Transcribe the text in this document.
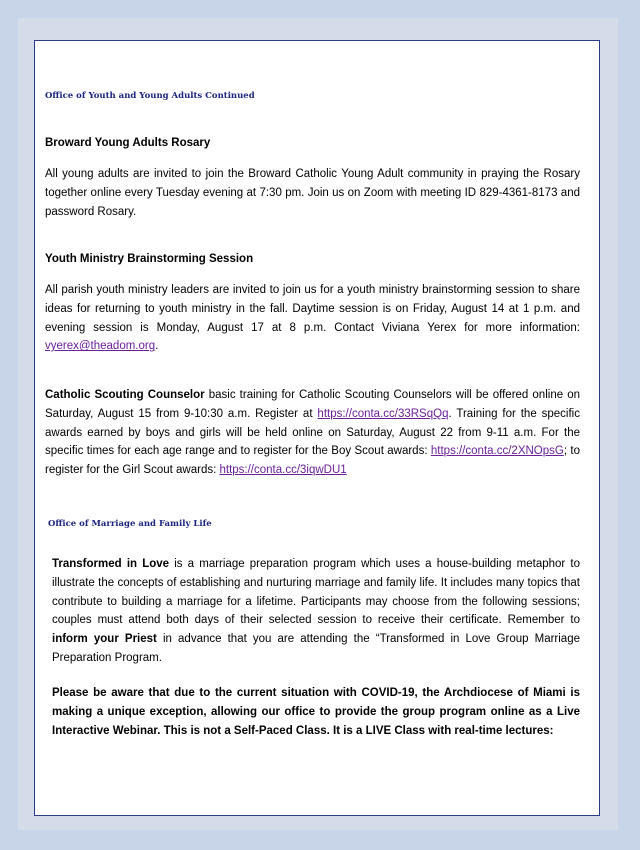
Office of Youth and Young Adults Continued

Broward Young Adults Rosary

All young adults are invited to join the Broward Catholic Young Adult community in praying the Rosary together online every Tuesday evening at 7:30 pm. Join us on Zoom with meeting ID 829-4361-8173 and password Rosary.

Youth Ministry Brainstorming Session

All parish youth ministry leaders are invited to join us for a youth ministry brainstorming session to share ideas for returning to youth ministry in the fall. Daytime session is on Friday, August 14 at 1 p.m. and evening session is Monday, August 17 at 8 p.m. Contact Viviana Yerex for more information: vyerex@theadom.org.

Catholic Scouting Counselor basic training for Catholic Scouting Counselors will be offered online on Saturday, August 15 from 9-10:30 a.m. Register at https://conta.cc/33RSqQq. Training for the specific awards earned by boys and girls will be held online on Saturday, August 22 from 9-11 a.m. For the specific times for each age range and to register for the Boy Scout awards: https://conta.cc/2XNOpsG; to register for the Girl Scout awards: https://conta.cc/3iqwDU1

Office of Marriage and Family Life

Transformed in Love is a marriage preparation program which uses a house-building metaphor to illustrate the concepts of establishing and nurturing marriage and family life. It includes many topics that contribute to building a marriage for a lifetime. Participants may choose from the following sessions; couples must attend both days of their selected session to receive their certificate. Remember to inform your Priest in advance that you are attending the “Transformed in Love Group Marriage Preparation Program.

Please be aware that due to the current situation with COVID-19, the Archdiocese of Miami is making a unique exception, allowing our office to provide the group program online as a Live Interactive Webinar. This is not a Self-Paced Class. It is a LIVE Class with real-time lectures:
